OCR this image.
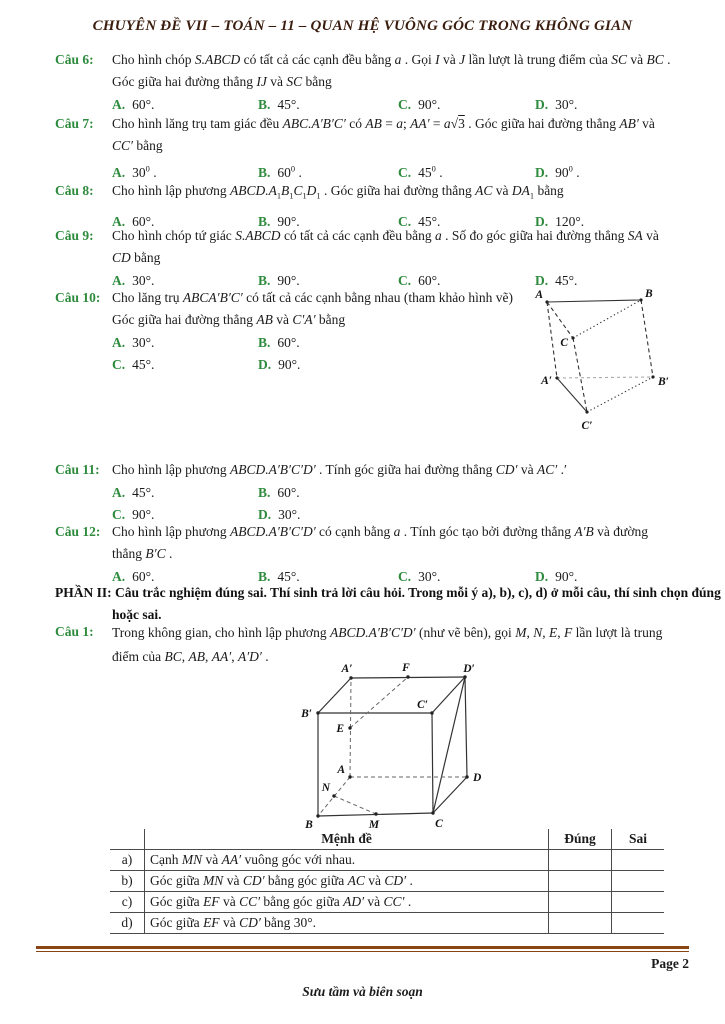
CHUYÊN ĐỀ VII – TOÁN – 11 – QUAN HỆ VUÔNG GÓC TRONG KHÔNG GIAN
Câu 6:	Cho hình chóp S.ABCD có tất cả các cạnh đều bằng a . Gọi I và J lần lượt là trung điểm của SC và BC . Góc giữa hai đường thẳng IJ và SC bằng
A. 60°.	B. 45°.	C. 90°.	D. 30°.
Câu 7:	Cho hình lăng trụ tam giác đều ABC.A′B′C′ có AB = a; AA′ = a√3 . Góc giữa hai đường thẳng AB′ và CC′ bằng
A. $30^0$ .	B. $60^0$ .	C. $45^0$ .	D. $90^0$ .
Câu 8:	Cho hình lập phương $ABCD.A_1B_1C_1D_1$ . Góc giữa hai đường thẳng AC và $DA_1$ bằng
A. 60°.	B. 90°.	C. 45°.	D. 120°.
Câu 9:	Cho hình chóp tứ giác S.ABCD có tất cả các cạnh đều bằng a . Số đo góc giữa hai đường thẳng SA và CD bằng
A. 30°.	B. 90°.	C. 60°.	D. 45°.
Câu 10: Cho lăng trụ ABCA′B′C′ có tất cả các cạnh bằng nhau (tham khảo hình vẽ)
Góc giữa hai đường thẳng AB và C′A′ bằng
A. 30°.	B. 60°.
C. 45°.	D. 90°.
A	B
C
A′	B′
C′
Câu 11: Cho hình lập phương ABCD.A′B′C′D′ . Tính góc giữa hai đường thẳng CD′ và AC′ .′
A. 45°.	B. 60°.
C. 90°.	D. 30°.
Câu 12: Cho hình lập phương ABCD.A′B′C′D′ có cạnh bằng a . Tính góc tạo bởi đường thẳng A′B và đường thẳng B′C .
A. 60°.	B. 45°.	C. 30°.	D. 90°.
PHẦN II: Câu trắc nghiệm đúng sai. Thí sinh trả lời câu hỏi. Trong mỗi ý a), b), c), d) ở mỗi câu, thí sinh chọn đúng hoặc sai.
Câu 1:	Trong không gian, cho hình lập phương ABCD.A′B′C′D′ (như vẽ bên), gọi M, N, E, F lần lượt là trung điểm của BC, AB, AA′, A′D′ .
A′	F	D′
B′
C′
E
A
D
N
B	M	C
	Mệnh đề	Đúng	Sai
a)	Cạnh MN và AA′ vuông góc với nhau.		
b)	Góc giữa MN và CD′ bằng góc giữa AC và CD′ .		
c)	Góc giữa EF và CC′ bằng góc giữa AD′ và CC′ .		
d)	Góc giữa EF và CD′ bằng 30°.		
Page 2
Sưu tầm và biên soạn
